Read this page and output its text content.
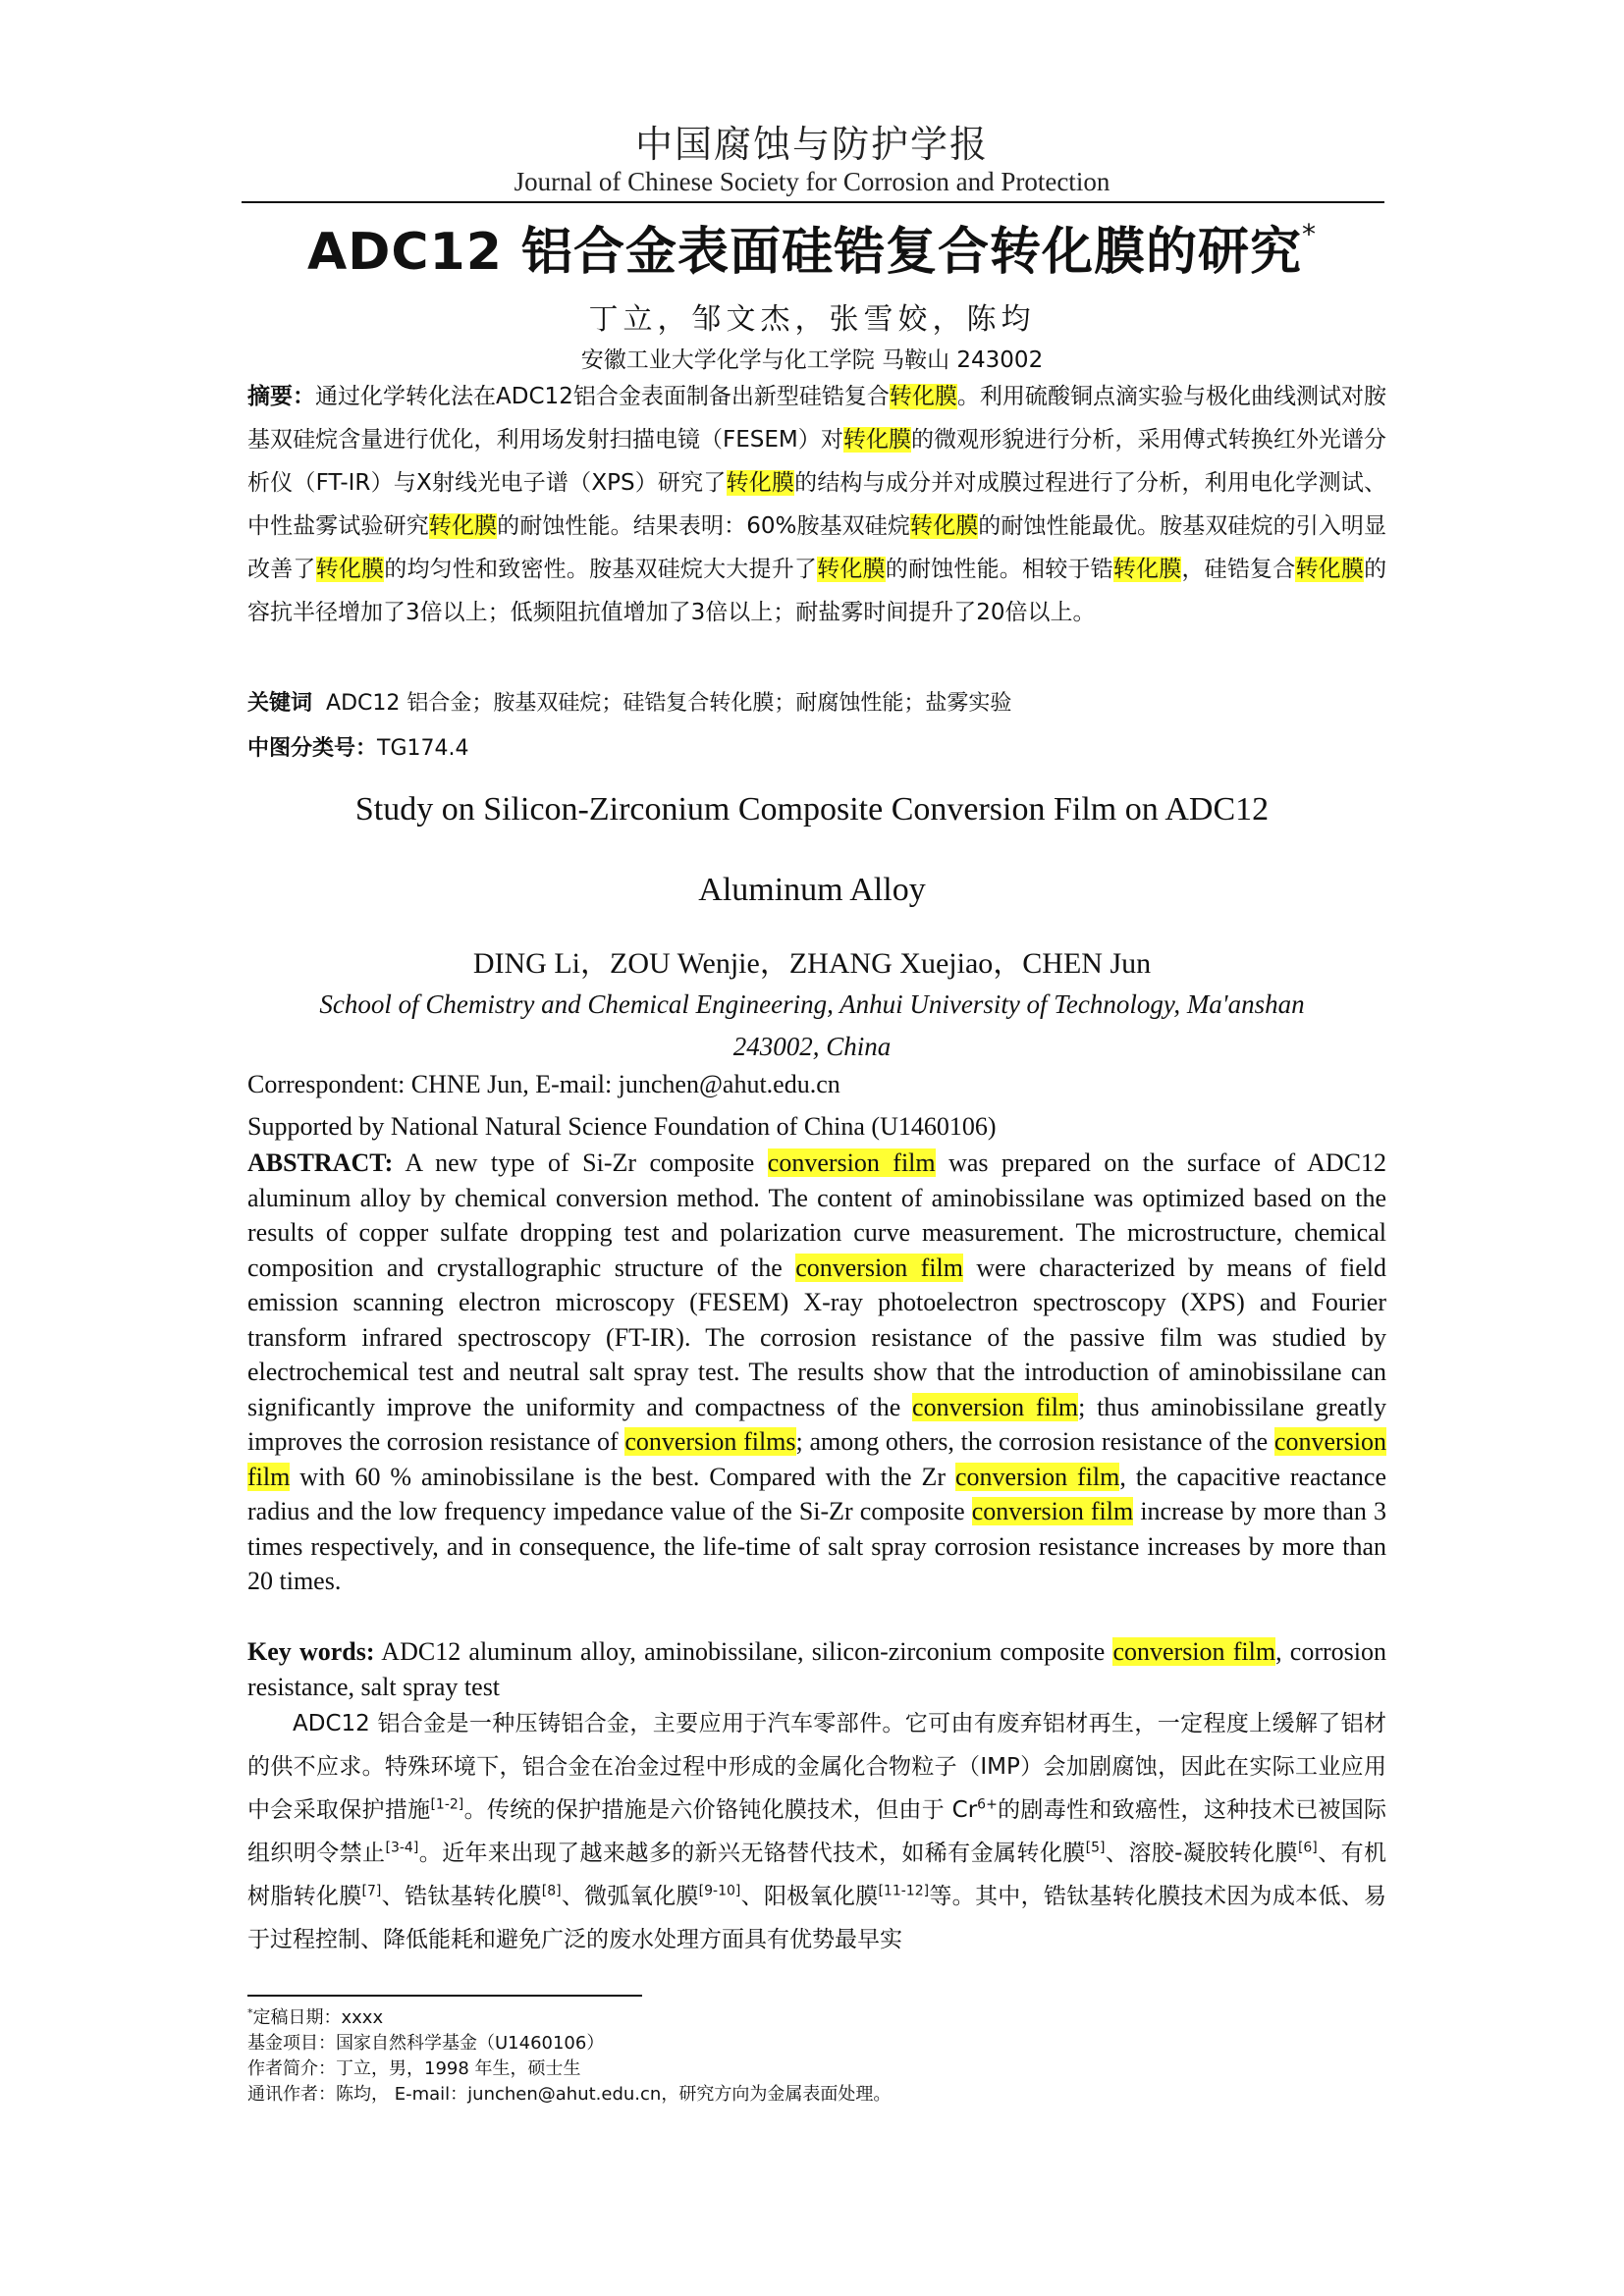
中国腐蚀与防护学报
Journal of Chinese Society for Corrosion and Protection
ADC12 铝合金表面硅锆复合转化膜的研究*
丁立，邹文杰，张雪姣，陈均
安徽工业大学化学与化工学院 马鞍山 243002
摘要：通过化学转化法在ADC12铝合金表面制备出新型硅锆复合转化膜。利用硫酸铜点滴实验与极化曲线测试对胺基双硅烷含量进行优化，利用场发射扫描电镜（FESEM）对转化膜的微观形貌进行分析，采用傅式转换红外光谱分析仪（FT-IR）与X射线光电子谱（XPS）研究了转化膜的结构与成分并对成膜过程进行了分析，利用电化学测试、中性盐雾试验研究转化膜的耐蚀性能。结果表明：60%胺基双硅烷转化膜的耐蚀性能最优。胺基双硅烷的引入明显改善了转化膜的均匀性和致密性。胺基双硅烷大大提升了转化膜的耐蚀性能。相较于锆转化膜，硅锆复合转化膜的容抗半径增加了3倍以上；低频阻抗值增加了3倍以上；耐盐雾时间提升了20倍以上。
关键词 ADC12 铝合金；胺基双硅烷；硅锆复合转化膜；耐腐蚀性能；盐雾实验
中图分类号：TG174.4
Study on Silicon-Zirconium Composite Conversion Film on ADC12
Aluminum Alloy
DING Li，ZOU Wenjie，ZHANG Xuejiao，CHEN Jun
School of Chemistry and Chemical Engineering, Anhui University of Technology, Ma'anshan
243002, China
Correspondent: CHNE Jun, E-mail: junchen@ahut.edu.cn
Supported by National Natural Science Foundation of China (U1460106)
ABSTRACT: A new type of Si-Zr composite conversion film was prepared on the surface of ADC12 aluminum alloy by chemical conversion method. The content of aminobissilane was optimized based on the results of copper sulfate dropping test and polarization curve measurement. The microstructure, chemical composition and crystallographic structure of the conversion film were characterized by means of field emission scanning electron microscopy (FESEM) X-ray photoelectron spectroscopy (XPS) and Fourier transform infrared spectroscopy (FT-IR). The corrosion resistance of the passive film was studied by electrochemical test and neutral salt spray test. The results show that the introduction of aminobissilane can significantly improve the uniformity and compactness of the conversion film; thus aminobissilane greatly improves the corrosion resistance of conversion films; among others, the corrosion resistance of the conversion film with 60 % aminobissilane is the best. Compared with the Zr conversion film, the capacitive reactance radius and the low frequency impedance value of the Si-Zr composite conversion film increase by more than 3 times respectively, and in consequence, the life-time of salt spray corrosion resistance increases by more than 20 times.
Key words: ADC12 aluminum alloy, aminobissilane, silicon-zirconium composite conversion film, corrosion resistance, salt spray test
ADC12 铝合金是一种压铸铝合金，主要应用于汽车零部件。它可由有废弃铝材再生，一定程度上缓解了铝材的供不应求。特殊环境下，铝合金在冶金过程中形成的金属化合物粒子（IMP）会加剧腐蚀，因此在实际工业应用中会采取保护措施[1-2]。传统的保护措施是六价铬钝化膜技术，但由于 $Cr^{6+}$的剧毒性和致癌性，这种技术已被国际组织明令禁止[3-4]。近年来出现了越来越多的新兴无铬替代技术，如稀有金属转化膜[5]、溶胶-凝胶转化膜[6]、有机树脂转化膜[7]、锆钛基转化膜[8]、微弧氧化膜[9-10]、阳极氧化膜[11-12]等。其中，锆钛基转化膜技术因为成本低、易于过程控制、降低能耗和避免广泛的废水处理方面具有优势最早实
*定稿日期：xxxx
基金项目：国家自然科学基金（U1460106）
作者简介：丁立，男，1998 年生，硕士生
通讯作者：陈均， E-mail：junchen@ahut.edu.cn，研究方向为金属表面处理。
